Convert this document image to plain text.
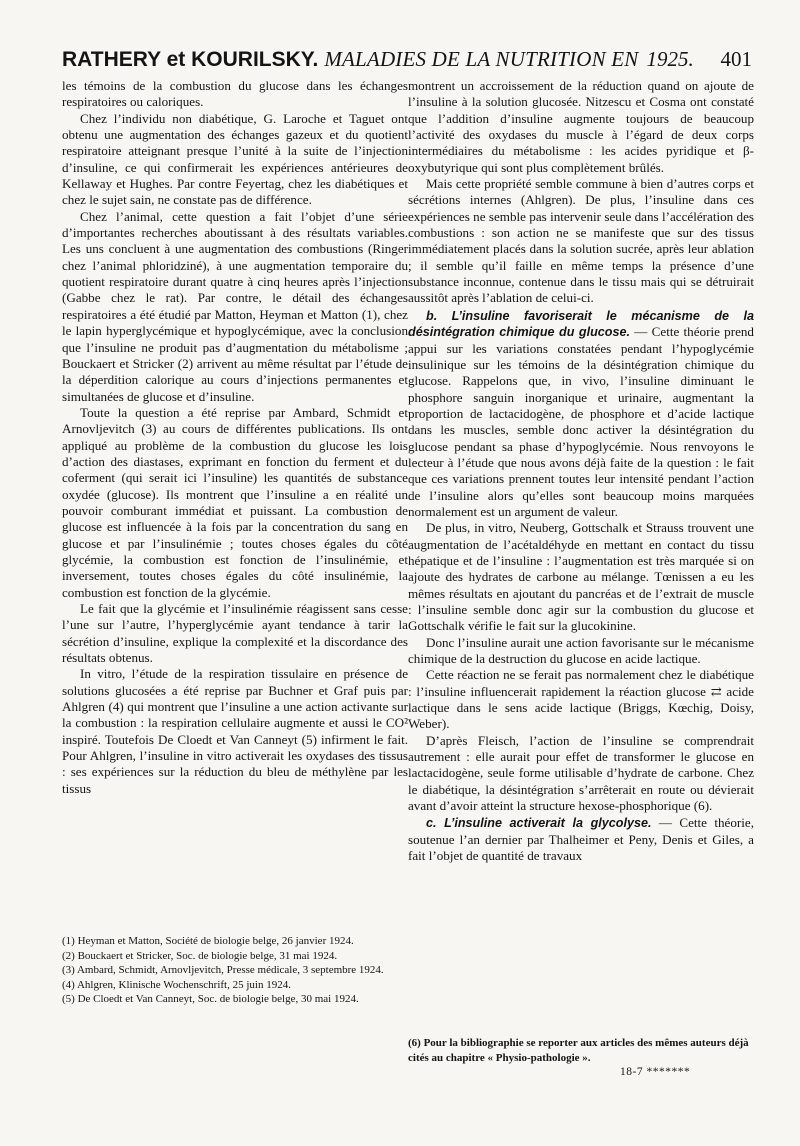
RATHERY et KOURILSKY. MALADIES DE LA NUTRITION EN 1925. 401

les témoins de la combustion du glucose dans les échanges respiratoires ou caloriques.

Chez l’individu non diabétique, G. Laroche et Taguet ont obtenu une augmentation des échanges gazeux et du quotient respiratoire atteignant presque l’unité à la suite de l’injection d’insuline, ce qui confirmerait les expériences antérieures de Kellaway et Hughes. Par contre Feyertag, chez les diabétiques et chez le sujet sain, ne constate pas de différence.

Chez l’animal, cette question a fait l’objet d’une série d’importantes recherches aboutissant à des résultats variables. Les uns concluent à une augmentation des combustions (Ringer chez l’animal phloridziné), à une augmentation temporaire du quotient respiratoire durant quatre à cinq heures après l’injection (Gabbe chez le rat). Par contre, le détail des échanges respiratoires a été étudié par Matton, Heyman et Matton (1), chez le lapin hyperglycémique et hypoglycémique, avec la conclusion que l’insuline ne produit pas d’augmentation du métabolisme ; Bouckaert et Stricker (2) arrivent au même résultat par l’étude de la déperdition calorique au cours d’injections permanentes et simultanées de glucose et d’insuline.

Toute la question a été reprise par Ambard, Schmidt et Arnovljevitch (3) au cours de différentes publications. Ils ont appliqué au problème de la combustion du glucose les lois d’action des diastases, exprimant en fonction du ferment et du coferment (qui serait ici l’insuline) les quantités de substance oxydée (glucose). Ils montrent que l’insuline a en réalité un pouvoir comburant immédiat et puissant. La combustion de glucose est influencée à la fois par la concentration du sang en glucose et par l’insulinémie ; toutes choses égales du côté glycémie, la combustion est fonction de l’insulinémie, et inversement, toutes choses égales du côté insulinémie, la combustion est fonction de la glycémie.

Le fait que la glycémie et l’insulinémie réagissent sans cesse l’une sur l’autre, l’hyperglycémie ayant tendance à tarir la sécrétion d’insuline, explique la complexité et la discordance des résultats obtenus.

In vitro, l’étude de la respiration tissulaire en présence de solutions glucosées a été reprise par Buchner et Graf puis par Ahlgren (4) qui montrent que l’insuline a une action activante sur la combustion : la respiration cellulaire augmente et aussi le CO² inspiré. Toutefois De Cloedt et Van Canneyt (5) infirment le fait. Pour Ahlgren, l’insuline in vitro activerait les oxydases des tissus : ses expériences sur la réduction du bleu de méthylène par les tissus

montrent un accroissement de la réduction quand on ajoute de l’insuline à la solution glucosée. Nitzescu et Cosma ont constaté que l’addition d’insuline augmente toujours de beaucoup l’activité des oxydases du muscle à l’égard de deux corps intermédiaires du métabolisme : les acides pyridique et β-oxybutyrique qui sont plus complètement brûlés.

Mais cette propriété semble commune à bien d’autres corps et sécrétions internes (Ahlgren). De plus, l’insuline dans ces expériences ne semble pas intervenir seule dans l’accélération des combustions : son action ne se manifeste que sur des tissus immédiatement placés dans la solution sucrée, après leur ablation ; il semble qu’il faille en même temps la présence d’une substance inconnue, contenue dans le tissu mais qui se détruirait aussitôt après l’ablation de celui-ci.

b. L’insuline favoriserait le mécanisme de la désintégration chimique du glucose. — Cette théorie prend appui sur les variations constatées pendant l’hypoglycémie insulinique sur les témoins de la désintégration chimique du glucose. Rappelons que, in vivo, l’insuline diminuant le phosphore sanguin inorganique et urinaire, augmentant la proportion de lactacidogène, de phosphore et d’acide lactique dans les muscles, semble donc activer la désintégration du glucose pendant sa phase d’hypoglycémie. Nous renvoyons le lecteur à l’étude que nous avons déjà faite de la question : le fait que ces variations prennent toutes leur intensité pendant l’action de l’insuline alors qu’elles sont beaucoup moins marquées normalement est un argument de valeur.

De plus, in vitro, Neuberg, Gottschalk et Strauss trouvent une augmentation de l’acétaldéhyde en mettant en contact du tissu hépatique et de l’insuline : l’augmentation est très marquée si on ajoute des hydrates de carbone au mélange. Tœnissen a eu les mêmes résultats en ajoutant du pancréas et de l’extrait de muscle : l’insuline semble donc agir sur la combustion du glucose et Gottschalk vérifie le fait sur la glucokinine.

Donc l’insuline aurait une action favorisante sur le mécanisme chimique de la destruction du glucose en acide lactique.

Cette réaction ne se ferait pas normalement chez le diabétique : l’insuline influencerait rapidement la réaction glucose ⇄ acide lactique dans le sens acide lactique (Briggs, Kœchig, Doisy, Weber).

D’après Fleisch, l’action de l’insuline se comprendrait autrement : elle aurait pour effet de transformer le glucose en lactacidogène, seule forme utilisable d’hydrate de carbone. Chez le diabétique, la désintégration s’arrêterait en route ou dévierait avant d’avoir atteint la structure hexose-phosphorique (6).

c. L’insuline activerait la glycolyse. — Cette théorie, soutenue l’an dernier par Thalheimer et Peny, Denis et Giles, a fait l’objet de quantité de travaux

(1) Heyman et Matton, Société de biologie belge, 26 janvier 1924.
(2) Bouckaert et Stricker, Soc. de biologie belge, 31 mai 1924.
(3) Ambard, Schmidt, Arnovljevitch, Presse médicale, 3 septembre 1924.
(4) Ahlgren, Klinische Wochenschrift, 25 juin 1924.
(5) De Cloedt et Van Canneyt, Soc. de biologie belge, 30 mai 1924.
(6) Pour la bibliographie se reporter aux articles des mêmes auteurs déjà cités au chapitre « Physio-pathologie ».
18-7 *******
